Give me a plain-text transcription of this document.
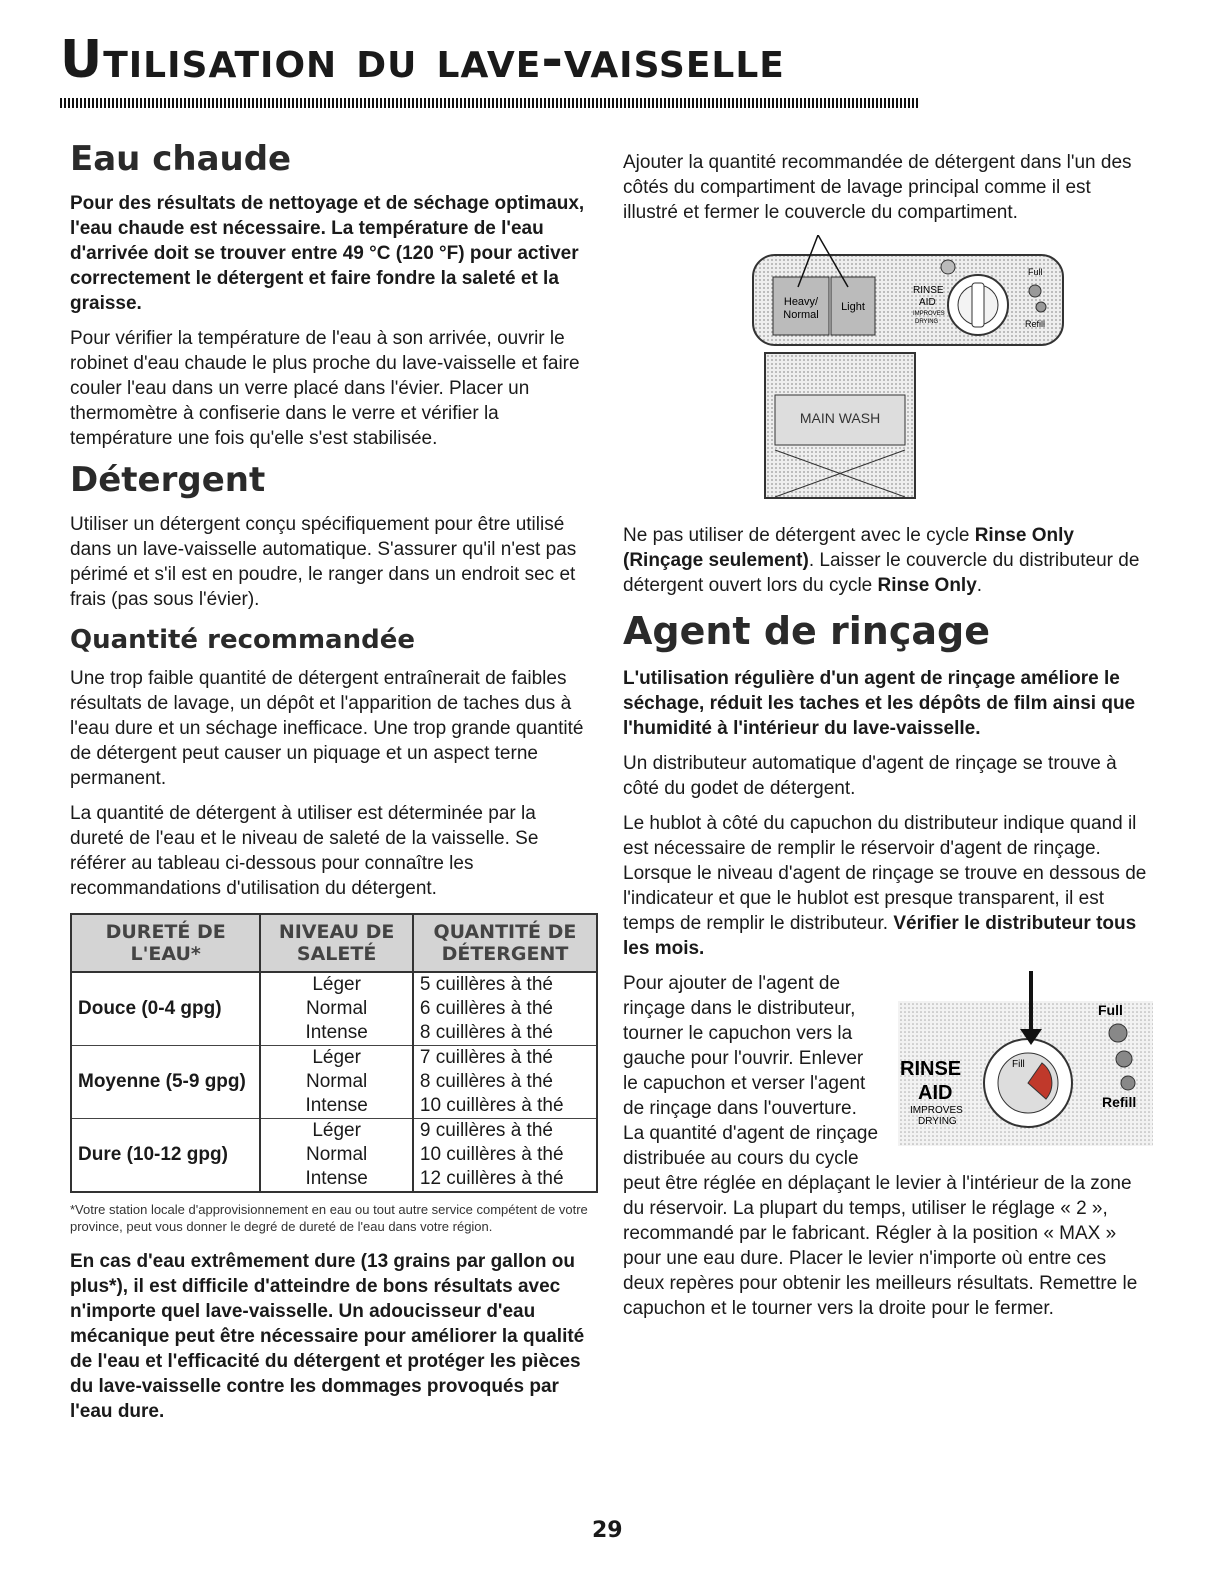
Utilisation du lave-vaisselle
Eau chaude

Pour des résultats de nettoyage et de séchage optimaux, l'eau chaude est nécessaire. La température de l'eau d'arrivée doit se trouver entre 49 °C (120 °F) pour activer correctement le détergent et faire fondre la saleté et la graisse.

Pour vérifier la température de l'eau à son arrivée, ouvrir le robinet d'eau chaude le plus proche du lave-vaisselle et faire couler l'eau dans un verre placé dans l'évier. Placer un thermomètre à confiserie dans le verre et vérifier la température une fois qu'elle s'est stabilisée.

Détergent

Utiliser un détergent conçu spécifiquement pour être utilisé dans un lave-vaisselle automatique. S'assurer qu'il n'est pas périmé et s'il est en poudre, le ranger dans un endroit sec et frais (pas sous l'évier).

Quantité recommandée

Une trop faible quantité de détergent entraînerait de faibles résultats de lavage, un dépôt et l'apparition de taches dus à l'eau dure et un séchage inefficace. Une trop grande quantité de détergent peut causer un piquage et un aspect terne permanent.

La quantité de détergent à utiliser est déterminée par la dureté de l'eau et le niveau de saleté de la vaisselle. Se référer au tableau ci-dessous pour connaître les recommandations d'utilisation du détergent.

DURETÉ DE L'EAU*	NIVEAU DE SALETÉ	QUANTITÉ DE DÉTERGENT
Douce (0-4 gpg)	Léger	5 cuillères à thé
	Normal	6 cuillères à thé
	Intense	8 cuillères à thé
Moyenne (5-9 gpg)	Léger	7 cuillères à thé
	Normal	8 cuillères à thé
	Intense	10 cuillères à thé
Dure (10-12 gpg)	Léger	9 cuillères à thé
	Normal	10 cuillères à thé
	Intense	12 cuillères à thé

*Votre station locale d'approvisionnement en eau ou tout autre service compétent de votre province, peut vous donner le degré de dureté de l'eau dans votre région.

En cas d'eau extrêmement dure (13 grains par gallon ou plus*), il est difficile d'atteindre de bons résultats avec n'importe quel lave-vaisselle. Un adoucisseur d'eau mécanique peut être nécessaire pour améliorer la qualité de l'eau et l'efficacité du détergent et protéger les pièces du lave-vaisselle contre les dommages provoqués par l'eau dure.

Ajouter la quantité recommandée de détergent dans l'un des côtés du compartiment de lavage principal comme il est illustré et fermer le couvercle du compartiment.

Heavy/
Normal
Light
RINSE
AID
IMPROVES
DRYING
Full
Refill
MAIN WASH

Ne pas utiliser de détergent avec le cycle Rinse Only (Rinçage seulement). Laisser le couvercle du distributeur de détergent ouvert lors du cycle Rinse Only.

Agent de rinçage

L'utilisation régulière d'un agent de rinçage améliore le séchage, réduit les taches et les dépôts de film ainsi que l'humidité à l'intérieur du lave-vaisselle.

Un distributeur automatique d'agent de rinçage se trouve à côté du godet de détergent.

Le hublot à côté du capuchon du distributeur indique quand il est nécessaire de remplir le réservoir d'agent de rinçage. Lorsque le niveau d'agent de rinçage se trouve en dessous de l'indicateur et que le hublot est presque transparent, il est temps de remplir le distributeur. Vérifier le distributeur tous les mois.

RINSE
AID
IMPROVES
DRYING
Fill
Full
Refill
Pour ajouter de l'agent de rinçage dans le distributeur, tourner le capuchon vers la gauche pour l'ouvrir. Enlever le capuchon et verser l'agent de rinçage dans l'ouverture. La quantité d'agent de rinçage distribuée au cours du cycle peut être réglée en déplaçant le levier à l'intérieur de la zone du réservoir. La plupart du temps, utiliser le réglage « 2 », recommandé par le fabricant. Régler à la position « MAX » pour une eau dure. Placer le levier n'importe où entre ces deux repères pour obtenir les meilleurs résultats. Remettre le capuchon et le tourner vers la droite pour le fermer.

29
